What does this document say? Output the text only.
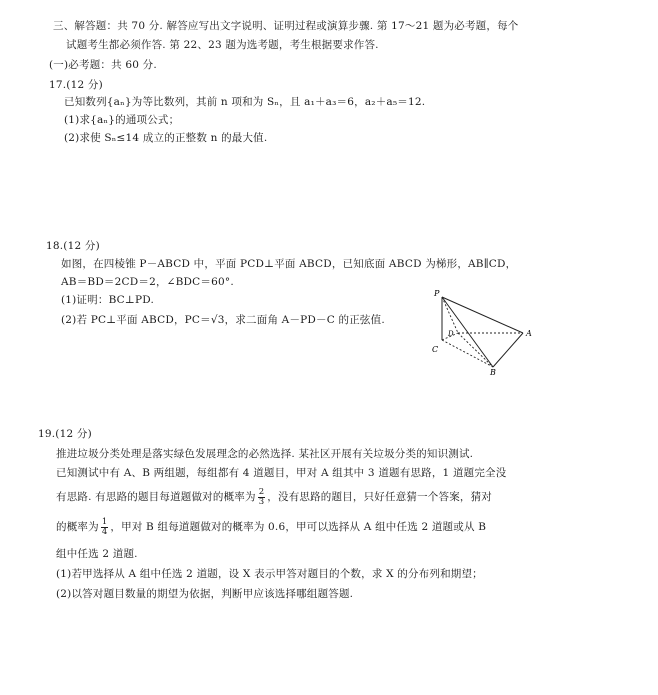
三、解答题：共 70 分. 解答应写出文字说明、证明过程或演算步骤. 第 17～21 题为必考题，每个
试题考生都必须作答. 第 22、23 题为选考题，考生根据要求作答.
(一)必考题：共 60 分.
17.(12 分)
已知数列{aₙ}为等比数列，其前 n 项和为 Sₙ，且 a₁＋a₃＝6，a₂＋a₅＝12.
(1)求{aₙ}的通项公式；
(2)求使 Sₙ≤14 成立的正整数 n 的最大值.
18.(12 分)
如图，在四棱锥 P－ABCD 中，平面 PCD⊥平面 ABCD，已知底面 ABCD 为梯形，AB∥CD，
AB＝BD＝2CD＝2，∠BDC＝60°.
(1)证明：BC⊥PD.
(2)若 PC⊥平面 ABCD，PC＝√3，求二面角 A－PD－C 的正弦值.
P
D	A
C
B
19.(12 分)
推进垃圾分类处理是落实绿色发展理念的必然选择. 某社区开展有关垃圾分类的知识测试.
已知测试中有 A、B 两组题，每组都有 4 道题目，甲对 A 组其中 3 道题有思路，1 道题完全没
有思路. 有思路的题目每道题做对的概率为 $\frac{2}{3}$ ，没有思路的题目，只好任意猜一个答案，猜对
的概率为 $\frac{1}{4}$ ，甲对 B 组每道题做对的概率为 0.6，甲可以选择从 A 组中任选 2 道题或从 B
组中任选 2 道题.
(1)若甲选择从 A 组中任选 2 道题，设 X 表示甲答对题目的个数，求 X 的分布列和期望；
(2)以答对题目数量的期望为依据，判断甲应该选择哪组题答题.
